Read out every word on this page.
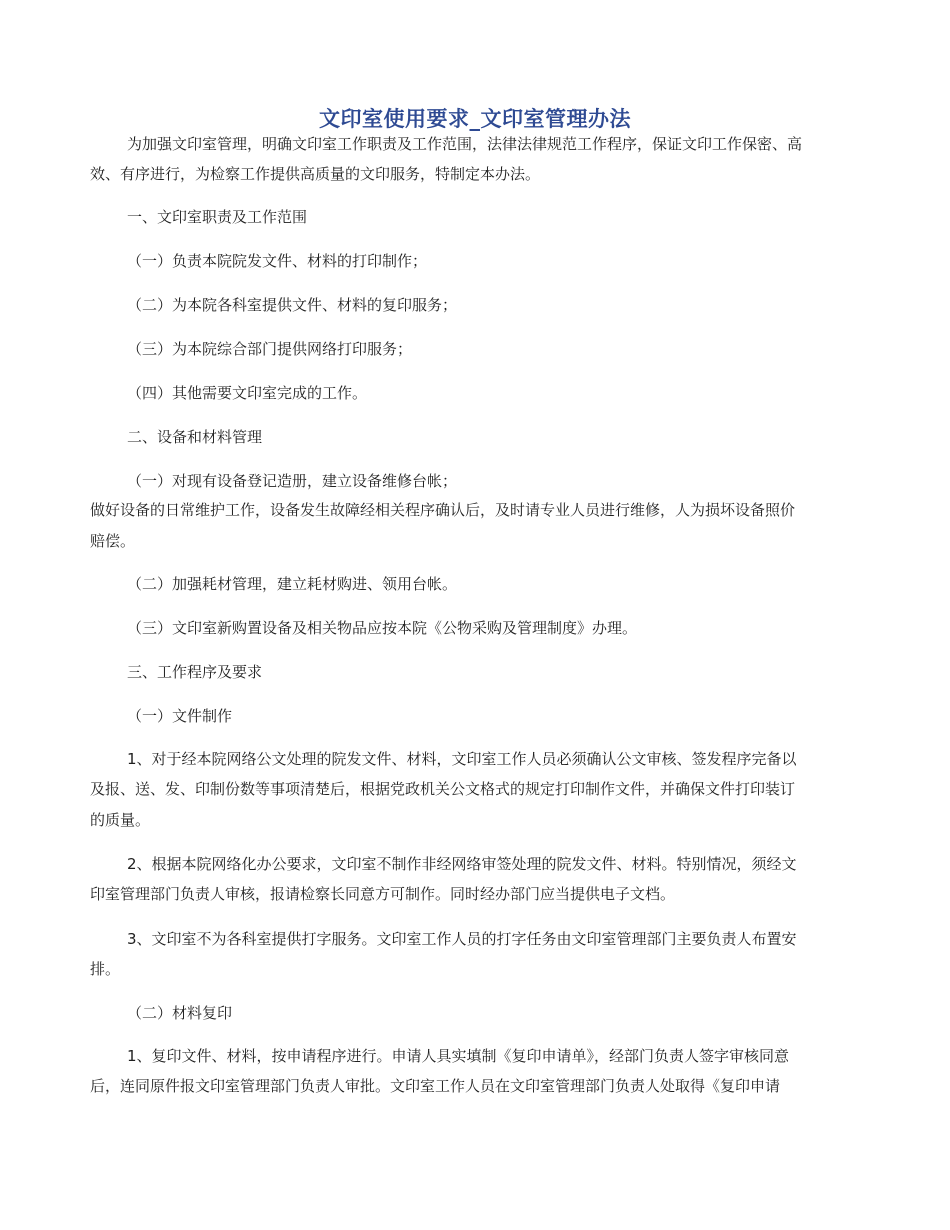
文印室使用要求_文印室管理办法
为加强文印室管理，明确文印室工作职责及工作范围，法律法律规范工作程序，保证文印工作保密、高
效、有序进行，为检察工作提供高质量的文印服务，特制定本办法。
一、文印室职责及工作范围
（一）负责本院院发文件、材料的打印制作；
（二）为本院各科室提供文件、材料的复印服务；
（三）为本院综合部门提供网络打印服务；
（四）其他需要文印室完成的工作。
二、设备和材料管理
（一）对现有设备登记造册，建立设备维修台帐；
做好设备的日常维护工作，设备发生故障经相关程序确认后，及时请专业人员进行维修，人为损坏设备照价
赔偿。
（二）加强耗材管理，建立耗材购进、领用台帐。
（三）文印室新购置设备及相关物品应按本院《公物采购及管理制度》办理。
三、工作程序及要求
（一）文件制作
1、对于经本院网络公文处理的院发文件、材料，文印室工作人员必须确认公文审核、签发程序完备以
及报、送、发、印制份数等事项清楚后，根据党政机关公文格式的规定打印制作文件，并确保文件打印装订
的质量。
2、根据本院网络化办公要求，文印室不制作非经网络审签处理的院发文件、材料。特别情况，须经文
印室管理部门负责人审核，报请检察长同意方可制作。同时经办部门应当提供电子文档。
3、文印室不为各科室提供打字服务。文印室工作人员的打字任务由文印室管理部门主要负责人布置安
排。
（二）材料复印
1、复印文件、材料，按申请程序进行。申请人具实填制《复印申请单》，经部门负责人签字审核同意
后，连同原件报文印室管理部门负责人审批。文印室工作人员在文印室管理部门负责人处取得《复印申请
